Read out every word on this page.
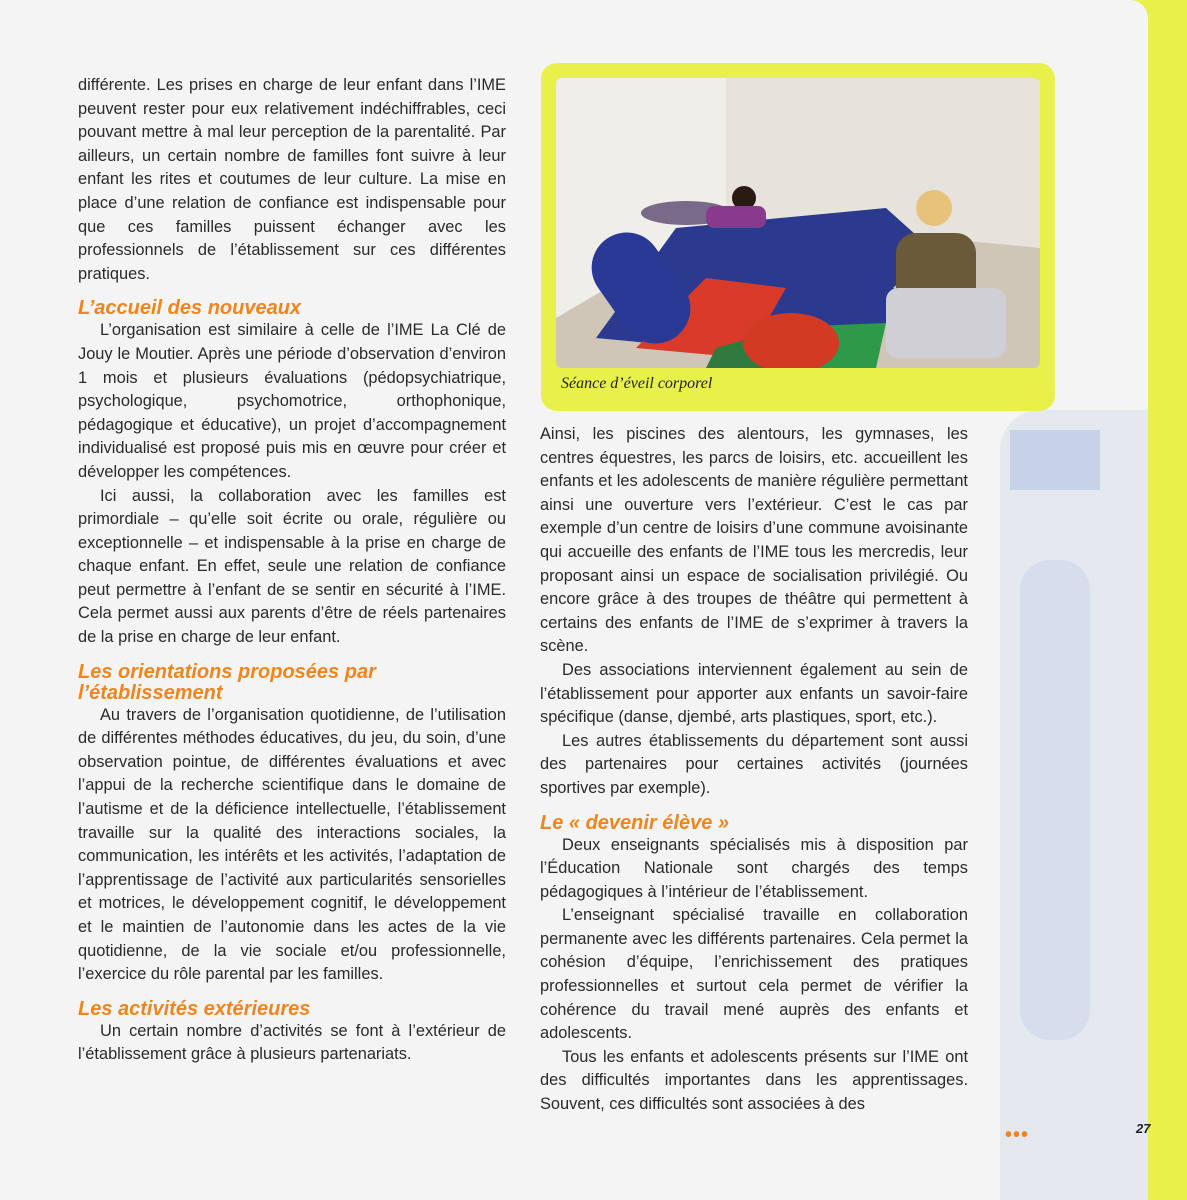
différente. Les prises en charge de leur enfant dans l’IME peuvent rester pour eux relativement indéchiffrables, ceci pouvant mettre à mal leur perception de la parentalité. Par ailleurs, un certain nombre de familles font suivre à leur enfant les rites et coutumes de leur culture. La mise en place d’une relation de confiance est indispensable pour que ces familles puissent échanger avec les professionnels de l’établissement sur ces différentes pratiques.

L’accueil des nouveaux

L’organisation est similaire à celle de l’IME La Clé de Jouy le Moutier. Après une période d’observation d’environ 1 mois et plusieurs évaluations (pédopsychiatrique, psychologique, psychomotrice, orthophonique, pédagogique et éducative), un projet d’accompagnement individualisé est proposé puis mis en œuvre pour créer et développer les compétences.

Ici aussi, la collaboration avec les familles est primordiale – qu’elle soit écrite ou orale, régulière ou exceptionnelle – et indispensable à la prise en charge de chaque enfant. En effet, seule une relation de confiance peut permettre à l’enfant de se sentir en sécurité à l’IME. Cela permet aussi aux parents d’être de réels partenaires de la prise en charge de leur enfant.

Les orientations proposées par
l’établissement

Au travers de l’organisation quotidienne, de l’utilisation de différentes méthodes éducatives, du jeu, du soin, d’une observation pointue, de différentes évaluations et avec l’appui de la recherche scientifique dans le domaine de l’autisme et de la déficience intellectuelle, l’établissement travaille sur la qualité des interactions sociales, la communication, les intérêts et les activités, l’adaptation de l’apprentissage de l’activité aux particularités sensorielles et motrices, le développement cognitif, le développement et le maintien de l’autonomie dans les actes de la vie quotidienne, de la vie sociale et/ou professionnelle, l’exercice du rôle parental par les familles.

Les activités extérieures

Un certain nombre d’activités se font à l’extérieur de l’établissement grâce à plusieurs partenariats.

Séance d’éveil corporel

Ainsi, les piscines des alentours, les gymnases, les centres équestres, les parcs de loisirs, etc. accueillent les enfants et les adolescents de manière régulière permettant ainsi une ouverture vers l’extérieur. C’est le cas par exemple d’un centre de loisirs d’une commune avoisinante qui accueille des enfants de l’IME tous les mercredis, leur proposant ainsi un espace de socialisation privilégié. Ou encore grâce à des troupes de théâtre qui permettent à certains des enfants de l’IME de s’exprimer à travers la scène.

Des associations interviennent également au sein de l’établissement pour apporter aux enfants un savoir-faire spécifique (danse, djembé, arts plastiques, sport, etc.).

Les autres établissements du département sont aussi des partenaires pour certaines activités (journées sportives par exemple).

Le « devenir élève »

Deux enseignants spécialisés mis à disposition par l’Éducation Nationale sont chargés des temps pédagogiques à l’intérieur de l’établissement.

L’enseignant spécialisé travaille en collaboration permanente avec les différents partenaires. Cela permet la cohésion d’équipe, l’enrichissement des pratiques professionnelles et surtout cela permet de vérifier la cohérence du travail mené auprès des enfants et adolescents.

Tous les enfants et adolescents présents sur l’IME ont des difficultés importantes dans les apprentissages. Souvent, ces difficultés sont associées à des

•••	27
